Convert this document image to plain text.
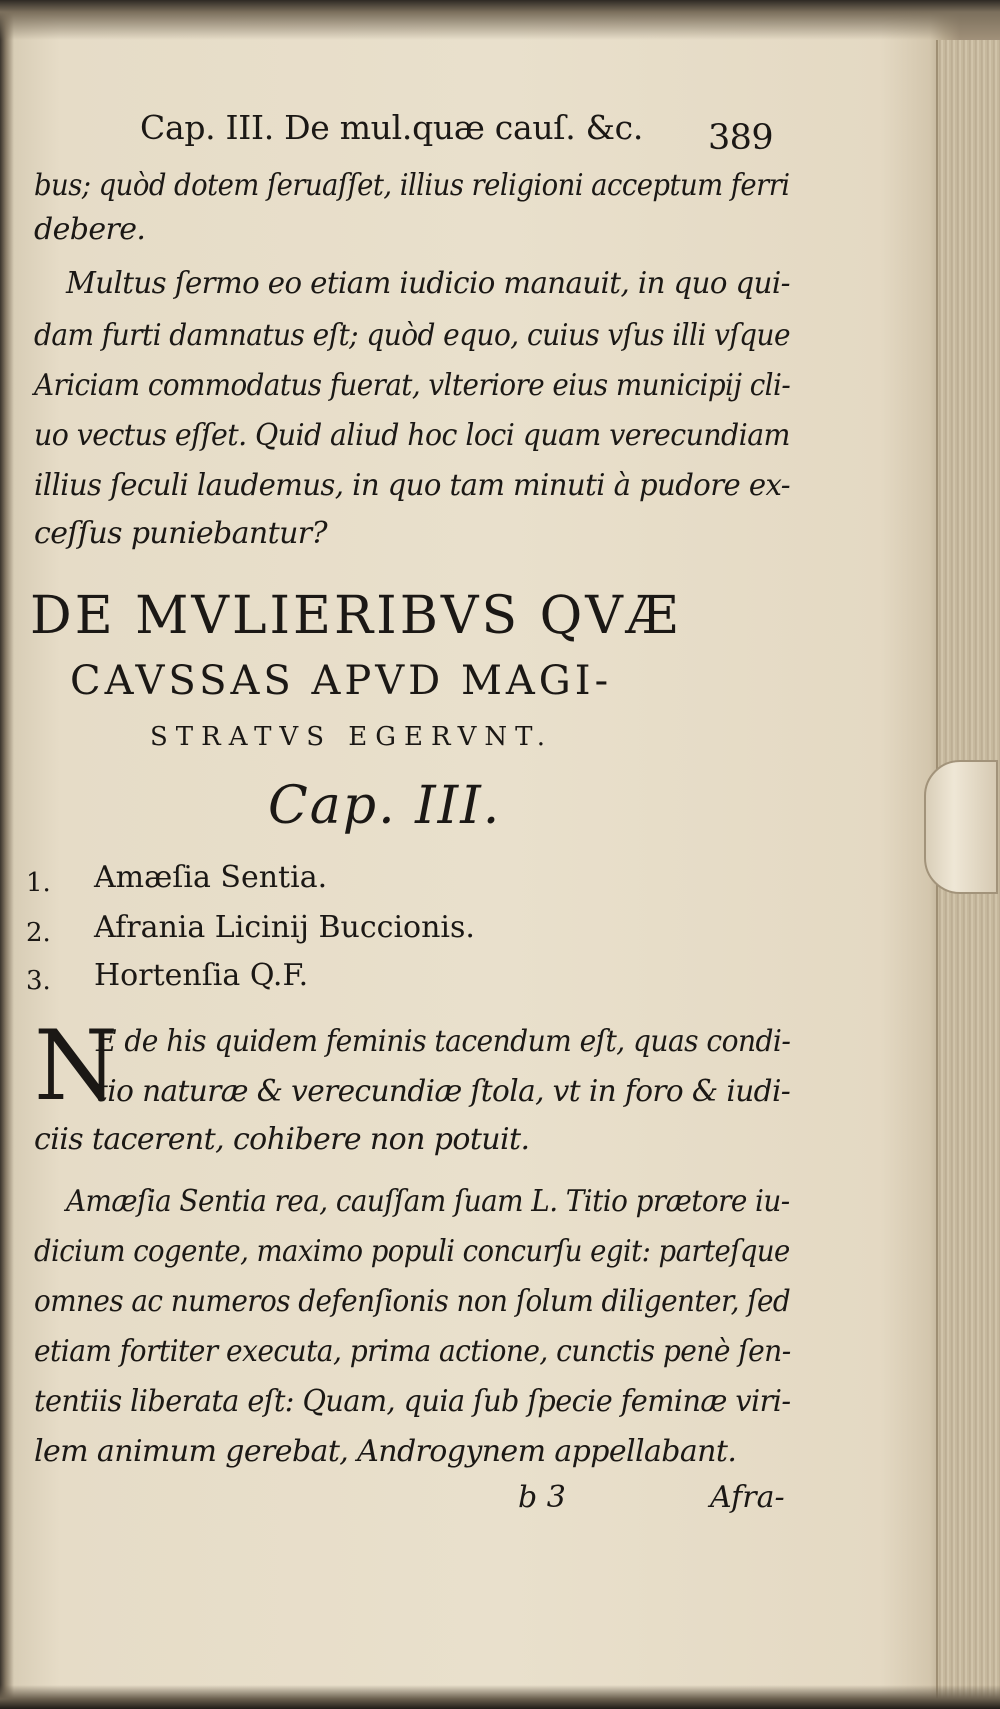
Cap. III. De mul.quæ cauſ. &c. 389
bus; quòd dotem ſeruaſſet, illius religioni acceptum ferri
debere.
Multus ſermo eo etiam iudicio manauit, in quo qui-
dam furti damnatus eſt; quòd equo, cuius vſus illi vſque
Ariciam commodatus fuerat, vlteriore eius municipij cli-
uo vectus eſſet. Quid aliud hoc loci quam verecundiam
illius ſeculi laudemus, in quo tam minuti à pudore ex-
ceſſus puniebantur?
DE MVLIERIBVS QVÆ
CAVSSAS APVD MAGI-
STRATVS EGERVNT.
Cap. III.
1. Amæſia Sentia.
2. Afrania Licinij Buccionis.
3. Hortenſia Q.F.
N
E de his quidem feminis tacendum eſt, quas condi-
tio naturæ & verecundiæ ſtola, vt in foro & iudi-
ciis tacerent, cohibere non potuit.
Amæſia Sentia rea, cauſſam ſuam L. Titio prætore iu-
dicium cogente, maximo populi concurſu egit: parteſque
omnes ac numeros defenſionis non ſolum diligenter, ſed
etiam fortiter executa, prima actione, cunctis penè ſen-
tentiis liberata eſt: Quam, quia ſub ſpecie feminæ viri-
lem animum gerebat, Androgynem appellabant.
b 3	Afra-
